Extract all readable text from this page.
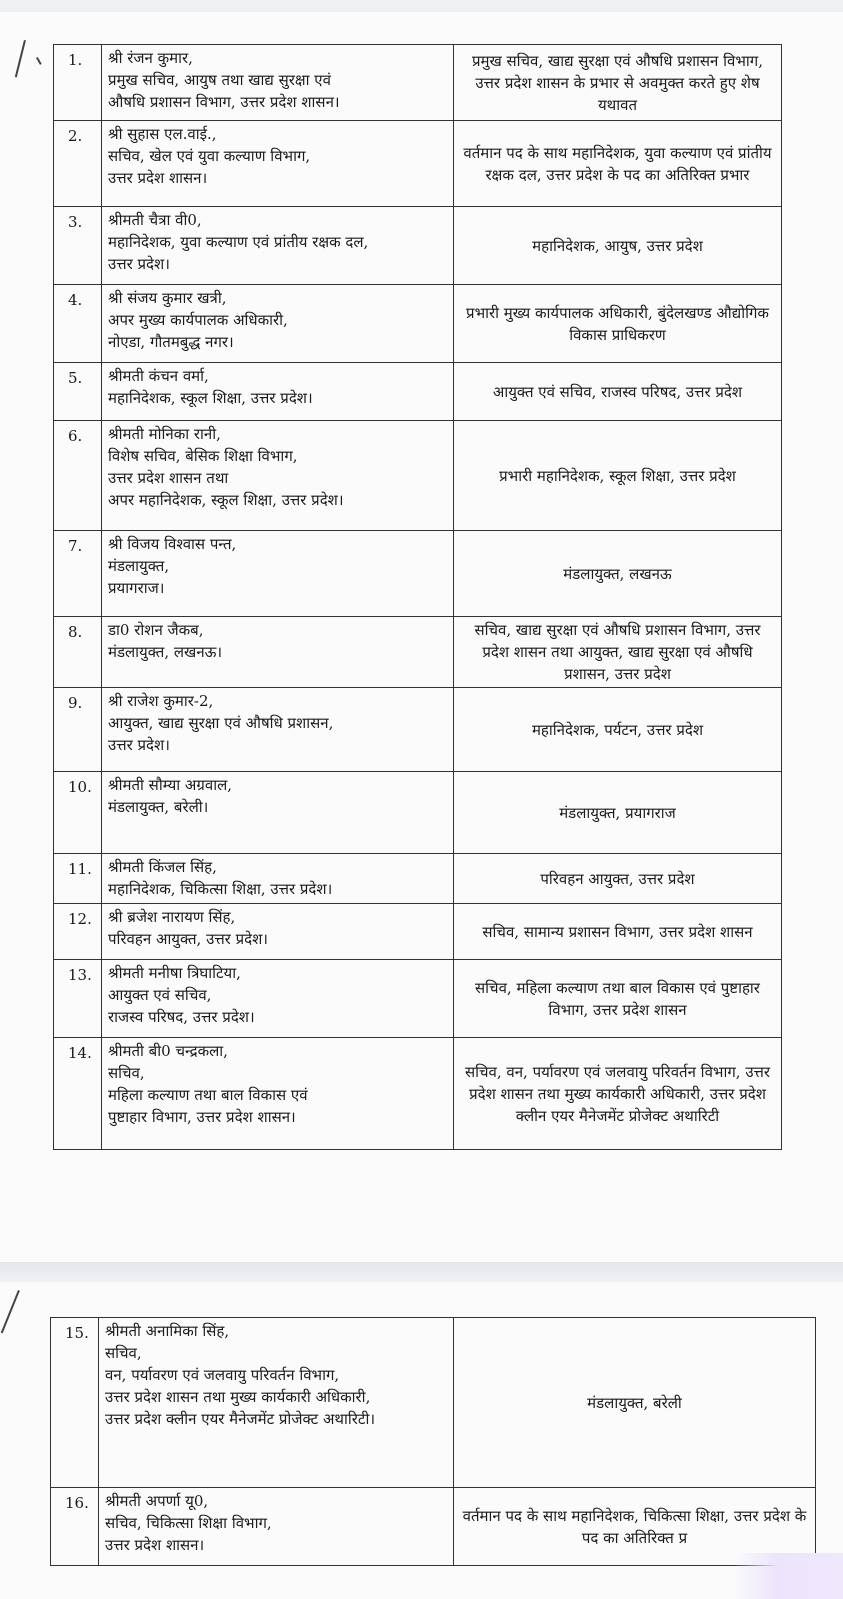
1.	श्री रंजन कुमार,
प्रमुख सचिव, आयुष तथा खाद्य सुरक्षा एवं
औषधि प्रशासन विभाग, उत्तर प्रदेश शासन।	प्रमुख सचिव, खाद्य सुरक्षा एवं औषधि प्रशासन विभाग, उत्तर प्रदेश शासन के प्रभार से अवमुक्त करते हुए शेष यथावत
2.	श्री सुहास एल.वाई.,
सचिव, खेल एवं युवा कल्याण विभाग,
उत्तर प्रदेश शासन।	वर्तमान पद के साथ महानिदेशक, युवा कल्याण एवं प्रांतीय रक्षक दल, उत्तर प्रदेश के पद का अतिरिक्त प्रभार
3.	श्रीमती चैत्रा वी0,
महानिदेशक, युवा कल्याण एवं प्रांतीय रक्षक दल,
उत्तर प्रदेश।	महानिदेशक, आयुष, उत्तर प्रदेश
4.	श्री संजय कुमार खत्री,
अपर मुख्य कार्यपालक अधिकारी,
नोएडा, गौतमबुद्ध नगर।	प्रभारी मुख्य कार्यपालक अधिकारी, बुंदेलखण्ड औद्योगिक विकास प्राधिकरण
5.	श्रीमती कंचन वर्मा,
महानिदेशक, स्कूल शिक्षा, उत्तर प्रदेश।	आयुक्त एवं सचिव, राजस्व परिषद, उत्तर प्रदेश
6.	श्रीमती मोनिका रानी,
विशेष सचिव, बेसिक शिक्षा विभाग,
उत्तर प्रदेश शासन तथा
अपर महानिदेशक, स्कूल शिक्षा, उत्तर प्रदेश।	प्रभारी महानिदेशक, स्कूल शिक्षा, उत्तर प्रदेश
7.	श्री विजय विश्वास पन्त,
मंडलायुक्त,
प्रयागराज।	मंडलायुक्त, लखनऊ
8.	डा0 रोशन जैकब,
मंडलायुक्त, लखनऊ।	सचिव, खाद्य सुरक्षा एवं औषधि प्रशासन विभाग, उत्तर प्रदेश शासन तथा आयुक्त, खाद्य सुरक्षा एवं औषधि प्रशासन, उत्तर प्रदेश
9.	श्री राजेश कुमार-2,
आयुक्त, खाद्य सुरक्षा एवं औषधि प्रशासन,
उत्तर प्रदेश।	महानिदेशक, पर्यटन, उत्तर प्रदेश
10.	श्रीमती सौम्या अग्रवाल,
मंडलायुक्त, बरेली।	मंडलायुक्त, प्रयागराज
11.	श्रीमती किंजल सिंह,
महानिदेशक, चिकित्सा शिक्षा, उत्तर प्रदेश।	परिवहन आयुक्त, उत्तर प्रदेश
12.	श्री ब्रजेश नारायण सिंह,
परिवहन आयुक्त, उत्तर प्रदेश।	सचिव, सामान्य प्रशासन विभाग, उत्तर प्रदेश शासन
13.	श्रीमती मनीषा त्रिघाटिया,
आयुक्त एवं सचिव,
राजस्व परिषद, उत्तर प्रदेश।	सचिव, महिला कल्याण तथा बाल विकास एवं पुष्टाहार विभाग, उत्तर प्रदेश शासन
14.	श्रीमती बी0 चन्द्रकला,
सचिव,
महिला कल्याण तथा बाल विकास एवं
पुष्टाहार विभाग, उत्तर प्रदेश शासन।	सचिव, वन, पर्यावरण एवं जलवायु परिवर्तन विभाग, उत्तर प्रदेश शासन तथा मुख्य कार्यकारी अधिकारी, उत्तर प्रदेश क्लीन एयर मैनेजमेंट प्रोजेक्ट अथारिटी
15.	श्रीमती अनामिका सिंह,
सचिव,
वन, पर्यावरण एवं जलवायु परिवर्तन विभाग,
उत्तर प्रदेश शासन तथा मुख्य कार्यकारी अधिकारी,
उत्तर प्रदेश क्लीन एयर मैनेजमेंट प्रोजेक्ट अथारिटी।	मंडलायुक्त, बरेली
16.	श्रीमती अपर्णा यू0,
सचिव, चिकित्सा शिक्षा विभाग,
उत्तर प्रदेश शासन।	वर्तमान पद के साथ महानिदेशक, चिकित्सा शिक्षा, उत्तर प्रदेश के पद का अतिरिक्त प्र
